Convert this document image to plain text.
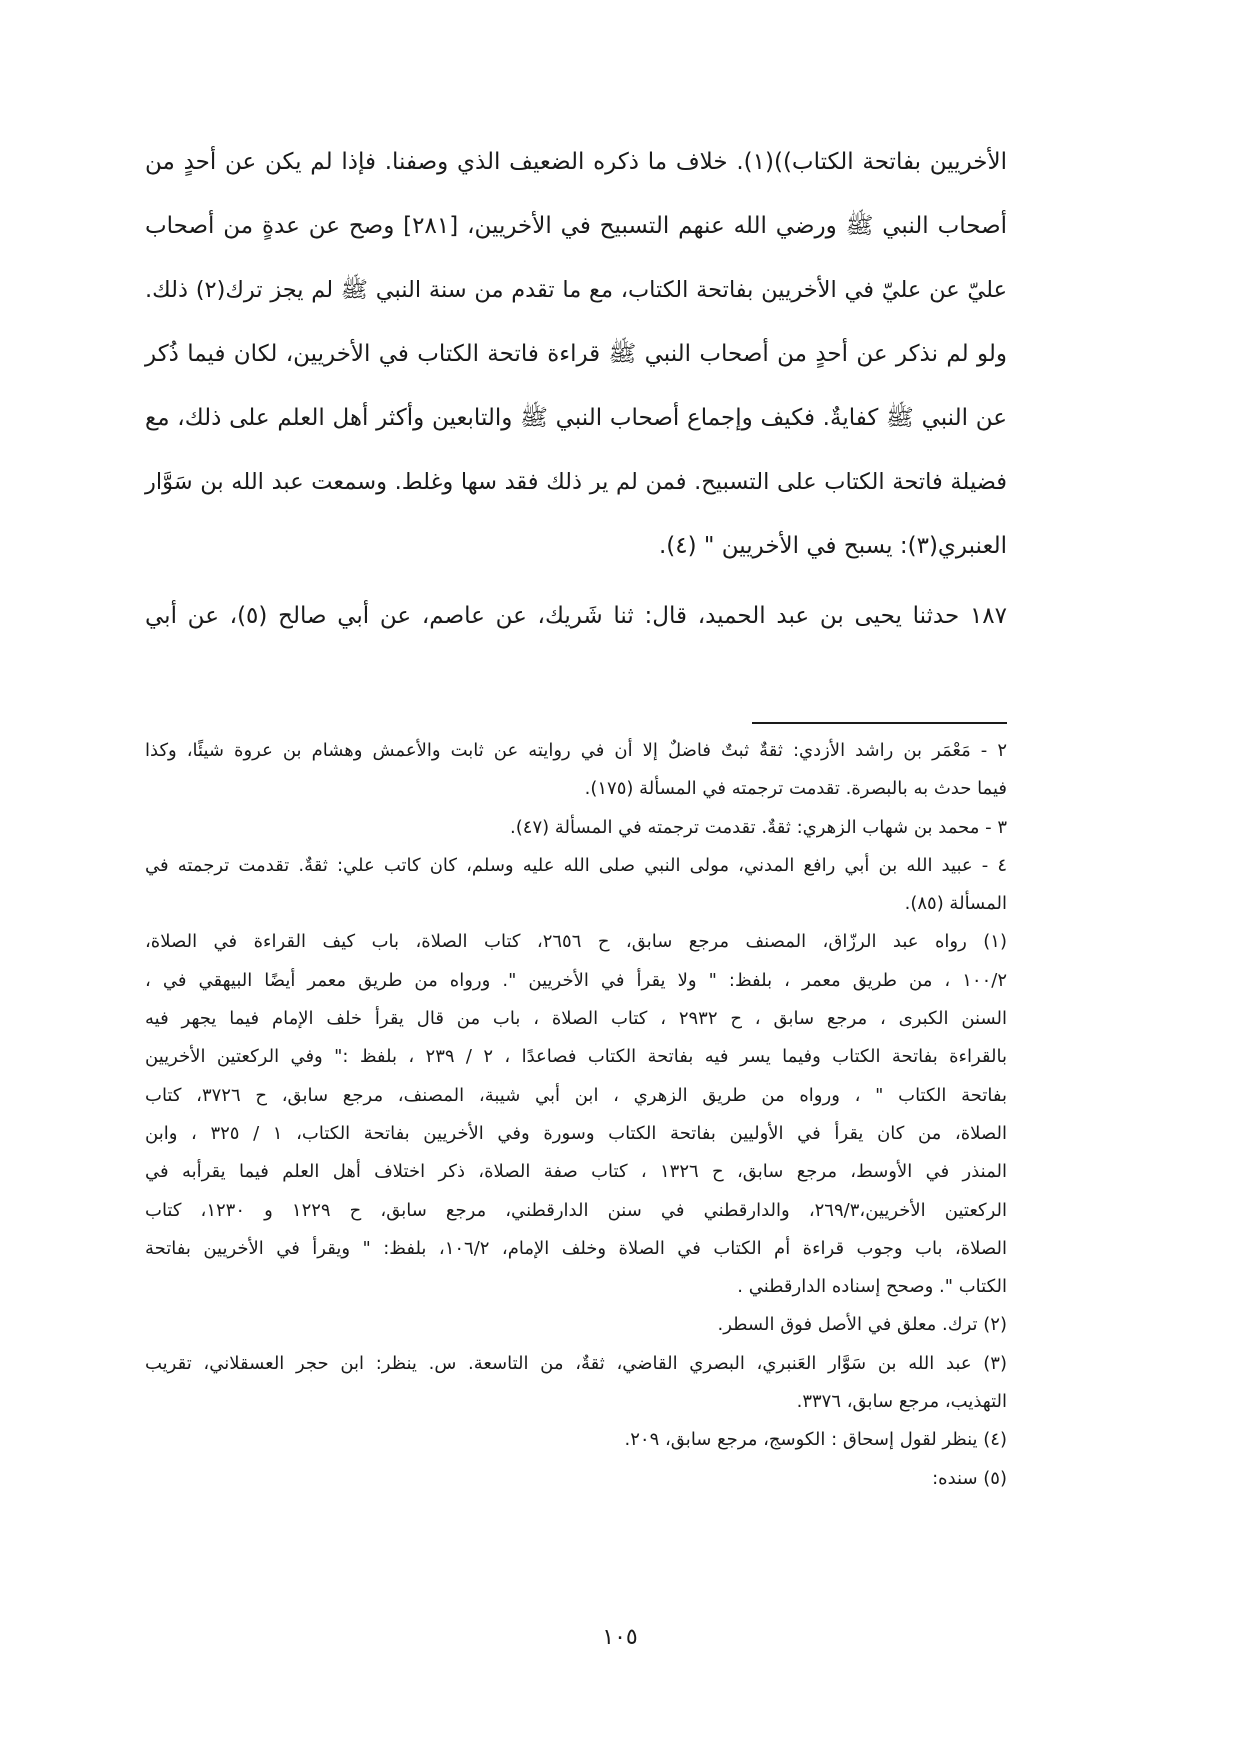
الأخريين بفاتحة الكتاب))(١). خلاف ما ذكره الضعيف الذي وصفنا. فإذا لم يكن عن أحدٍ من
أصحاب النبي ﷺ ورضي الله عنهم التسبيح في الأخريين، [٢٨١] وصح عن عدةٍ من أصحاب
عليّ عن عليّ في الأخريين بفاتحة الكتاب، مع ما تقدم من سنة النبي ﷺ لم يجز ترك(٢) ذلك.
ولو لم نذكر عن أحدٍ من أصحاب النبي ﷺ قراءة فاتحة الكتاب في الأخريين، لكان فيما ذُكر
عن النبي ﷺ كفايةٌ. فكيف وإجماع أصحاب النبي ﷺ والتابعين وأكثر أهل العلم على ذلك، مع
فضيلة فاتحة الكتاب على التسبيح. فمن لم ير ذلك فقد سها وغلط. وسمعت عبد الله بن سَوَّار
العنبري(٣): يسبح في الأخريين " (٤).
١٨٧ حدثنا يحيى بن عبد الحميد، قال: ثنا شَريك، عن عاصم، عن أبي صالح (٥)، عن أبي
٢ - مَعْمَر بن راشد الأزدي: ثقةٌ ثبتٌ فاضلٌ إلا أن في روايته عن ثابت والأعمش وهشام بن عروة شيئًا، وكذا
فيما حدث به بالبصرة. تقدمت ترجمته في المسألة (١٧٥).
٣ - محمد بن شهاب الزهري: ثقةٌ. تقدمت ترجمته في المسألة (٤٧).
٤ - عبيد الله بن أبي رافع المدني، مولى النبي صلى الله عليه وسلم، كان كاتب علي: ثقةٌ. تقدمت ترجمته في
المسألة (٨٥).
(١) رواه عبد الرزّاق، المصنف مرجع سابق، ح ٢٦٥٦، كتاب الصلاة، باب كيف القراءة في الصلاة،
١٠٠/٢ ، من طريق معمر ، بلفظ: " ولا يقرأ في الأخريين ". ورواه من طريق معمر أيضًا البيهقي في ،
السنن الكبرى ، مرجع سابق ، ح ٢٩٣٢ ، كتاب الصلاة ، باب من قال يقرأ خلف الإمام فيما يجهر فيه
بالقراءة بفاتحة الكتاب وفيما يسر فيه بفاتحة الكتاب فصاعدًا ، ٢ / ٢٣٩ ، بلفظ :" وفي الركعتين الأخريين
بفاتحة الكتاب " ، ورواه من طريق الزهري ، ابن أبي شيبة، المصنف، مرجع سابق، ح ٣٧٢٦، كتاب
الصلاة، من كان يقرأ في الأوليين بفاتحة الكتاب وسورة وفي الأخريين بفاتحة الكتاب، ١ / ٣٢٥ ، وابن
المنذر في الأوسط، مرجع سابق، ح ١٣٢٦ ، كتاب صفة الصلاة، ذكر اختلاف أهل العلم فيما يقرأبه في
الركعتين الأخريين،٢٦٩/٣، والدارقطني في سنن الدارقطني، مرجع سابق، ح ١٢٢٩ و ١٢٣٠، كتاب
الصلاة، باب وجوب قراءة أم الكتاب في الصلاة وخلف الإمام، ١٠٦/٢، بلفظ: " ويقرأ في الأخريين بفاتحة
الكتاب ". وصحح إسناده الدارقطني .
(٢) ترك. معلق في الأصل فوق السطر.
(٣) عبد الله بن سَوَّار العَنبري، البصري القاضي، ثقةٌ، من التاسعة. س. ينظر: ابن حجر العسقلاني، تقريب
التهذيب، مرجع سابق، ٣٣٧٦.
(٤) ينظر لقول إسحاق : الكوسج، مرجع سابق، ٢٠٩.
(٥) سنده:
١٠٥
